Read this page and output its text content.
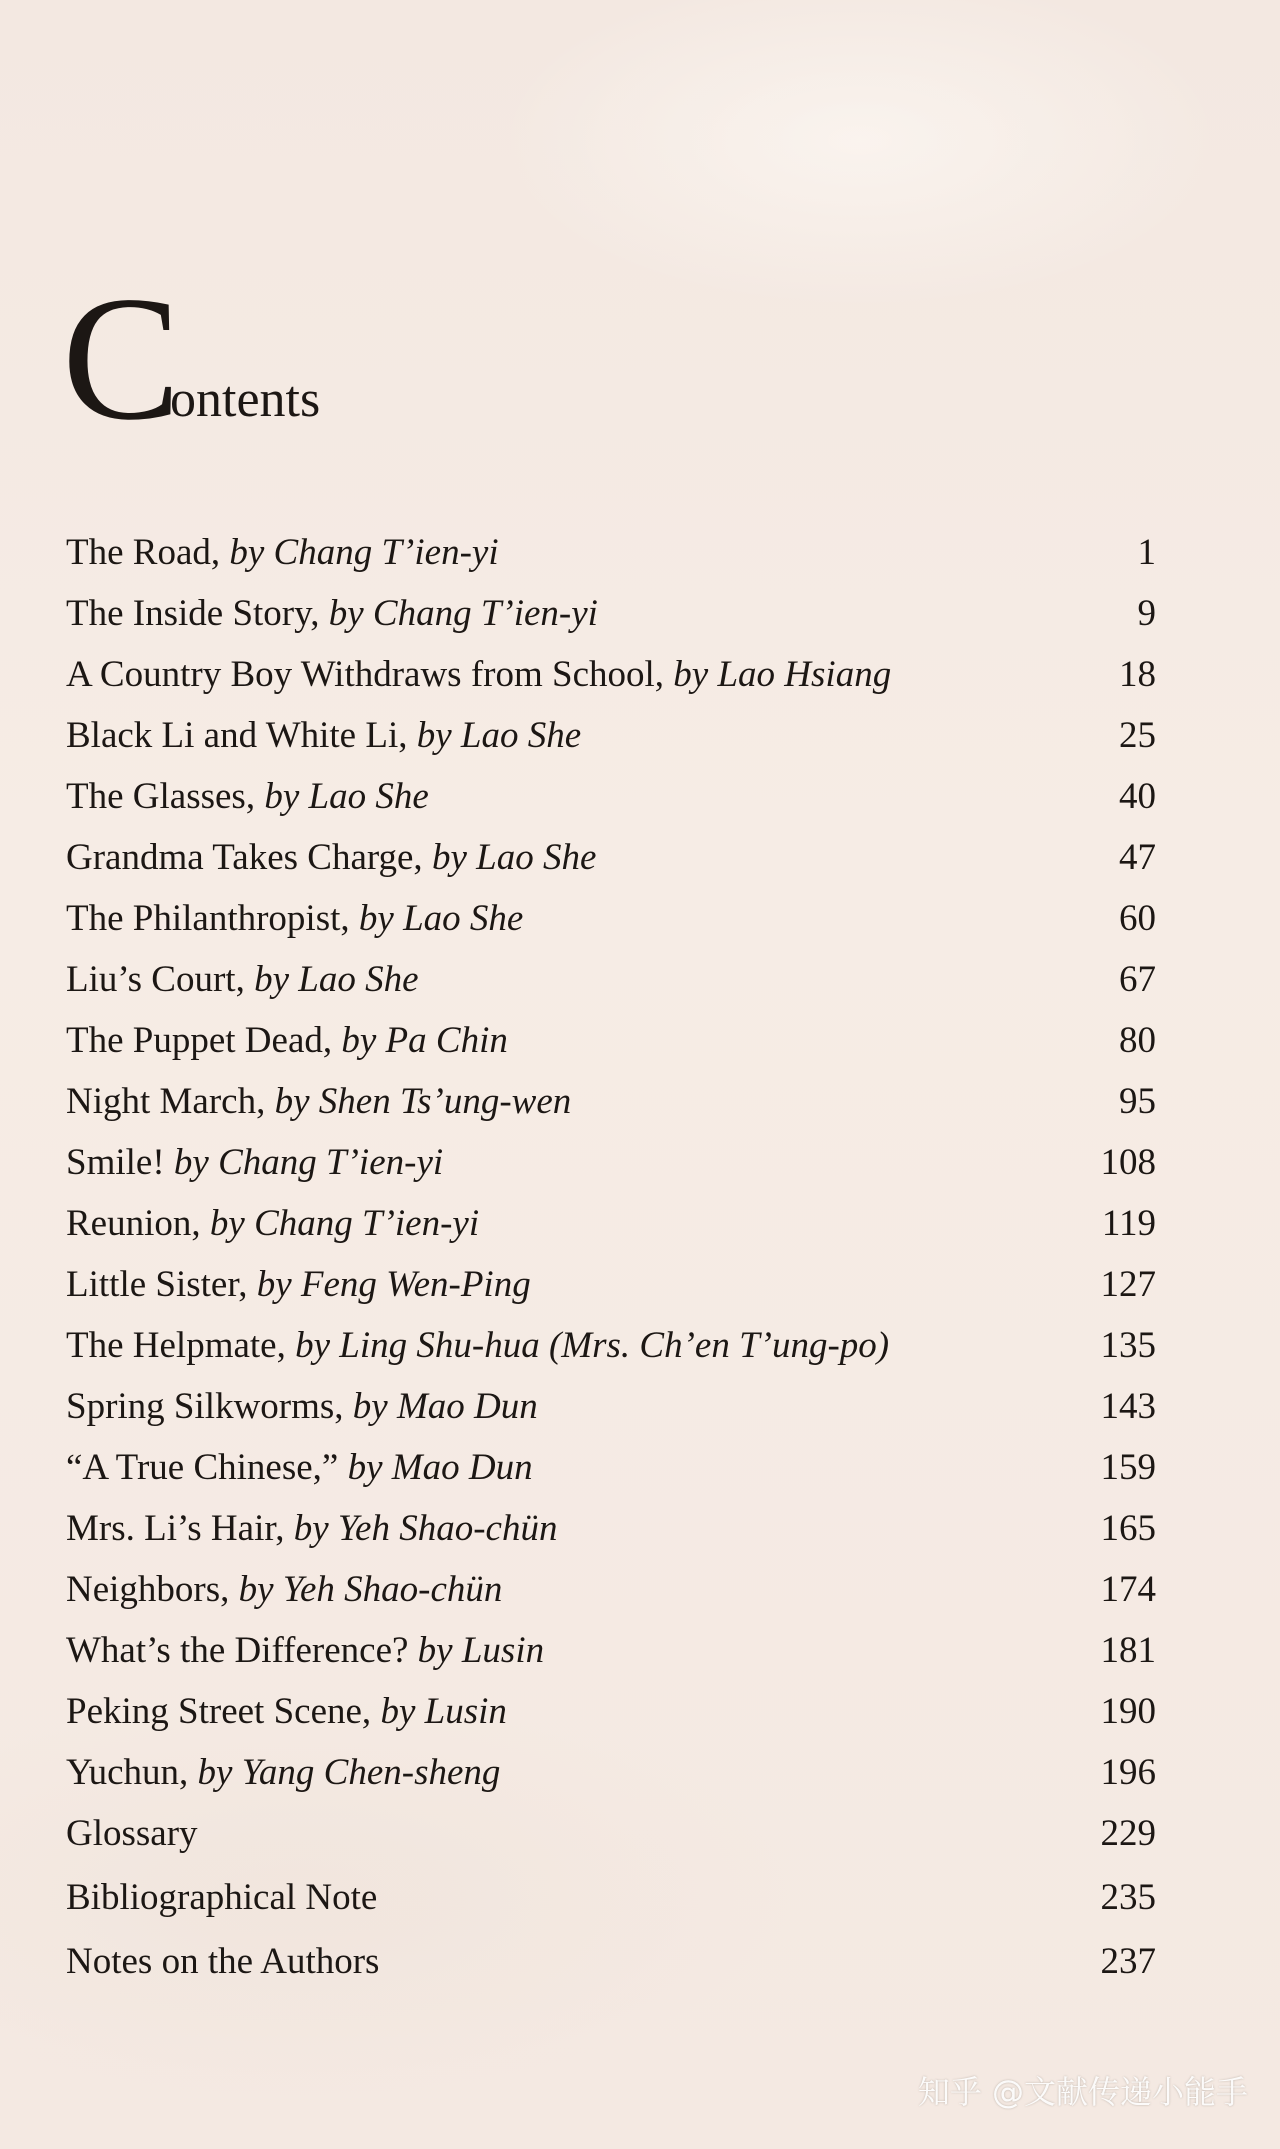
C
ontents
The Road, by Chang T’ien-yi	1
The Inside Story, by Chang T’ien-yi	9
A Country Boy Withdraws from School, by Lao Hsiang	18
Black Li and White Li, by Lao She	25
The Glasses, by Lao She	40
Grandma Takes Charge, by Lao She	47
The Philanthropist, by Lao She	60
Liu’s Court, by Lao She	67
The Puppet Dead, by Pa Chin	80
Night March, by Shen Ts’ung-wen	95
Smile! by Chang T’ien-yi	108
Reunion, by Chang T’ien-yi	119
Little Sister, by Feng Wen-Ping	127
The Helpmate, by Ling Shu-hua (Mrs. Ch’en T’ung-po)	135
Spring Silkworms, by Mao Dun	143
“A True Chinese,” by Mao Dun	159
Mrs. Li’s Hair, by Yeh Shao-chün	165
Neighbors, by Yeh Shao-chün	174
What’s the Difference? by Lusin	181
Peking Street Scene, by Lusin	190
Yuchun, by Yang Chen-sheng	196
Glossary	229
Bibliographical Note	235
Notes on the Authors	237
知乎 @文献传递小能手
